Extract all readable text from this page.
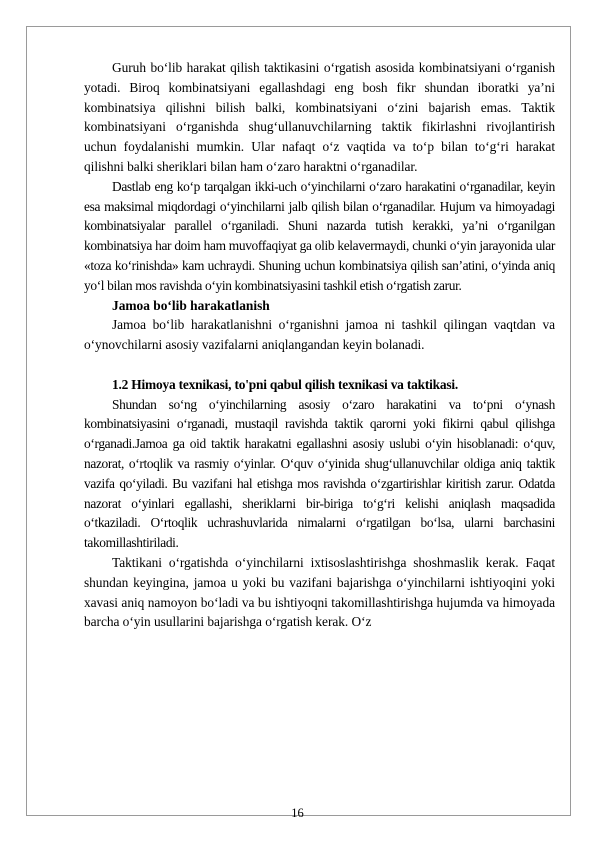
Guruh bo‘lib harakat qilish taktikasini o‘rgatish asosida kombinatsiyani o‘rganish yotadi. Biroq kombinatsiyani egallashdagi eng bosh fikr shundan iboratki ya’ni kombinatsiya qilishni bilish balki, kombinatsiyani o‘zini bajarish emas. Taktik kombinatsiyani o‘rganishda shug‘ullanuvchilarning taktik fikirlashni rivojlantirish uchun foydalanishi mumkin. Ular nafaqt o‘z vaqtida va to‘p bilan to‘g‘ri harakat qilishni balki sheriklari bilan ham o‘zaro haraktni o‘rganadilar.

Dastlab eng ko‘p tarqalgan ikki-uch o‘yinchilarni o‘zaro harakatini o‘rganadilar, keyin esa maksimal miqdordagi o‘yinchilarni jalb qilish bilan o‘rganadilar. Hujum va himoyadagi kombinatsiyalar parallel o‘rganiladi. Shuni nazarda tutish kerakki, ya’ni o‘rganilgan kombinatsiya har doim ham muvoffaqiyat ga olib kelavermaydi, chunki o‘yin jarayonida ular «toza ko‘rinishda» kam uchraydi. Shuning uchun kombinatsiya qilish san’atini, o‘yinda aniq yo‘l bilan mos ravishda o‘yin kombinatsiyasini tashkil etish o‘rgatish zarur.

Jamoa bo‘lib harakatlanish

Jamoa bo‘lib harakatlanishni o‘rganishni jamoa ni tashkil qilingan vaqtdan va o‘ynovchilarni asosiy vazifalarni aniqlangandan keyin bolanadi.

1.2 Himoya texnikasi, to'pni qabul qilish texnikasi va taktikasi.

Shundan so‘ng o‘yinchilarning asosiy o‘zaro harakatini va to‘pni o‘ynash kombinatsiyasini o‘rganadi, mustaqil ravishda taktik qarorni yoki fikirni qabul qilishga o‘rganadi.Jamoa ga oid taktik harakatni egallashni asosiy uslubi o‘yin hisoblanadi: o‘quv, nazorat, o‘rtoqlik va rasmiy o‘yinlar. O‘quv o‘yinida shug‘ullanuvchilar oldiga aniq taktik vazifa qo‘yiladi. Bu vazifani hal etishga mos ravishda o‘zgartirishlar kiritish zarur. Odatda nazorat o‘yinlari egallashi, sheriklarni bir-biriga to‘g‘ri kelishi aniqlash maqsadida o‘tkaziladi. O‘rtoqlik uchrashuvlarida nimalarni o‘rgatilgan bo‘lsa, ularni barchasini takomillashtiriladi.

Taktikani o‘rgatishda o‘yinchilarni ixtisoslashtirishga shoshmaslik kerak. Faqat shundan keyingina, jamoa u yoki bu vazifani bajarishga o‘yinchilarni ishtiyoqini yoki xavasi aniq namoyon bo‘ladi va bu ishtiyoqni takomillashtirishga hujumda va himoyada barcha o‘yin usullarini bajarishga o‘rgatish kerak. O‘z

16
